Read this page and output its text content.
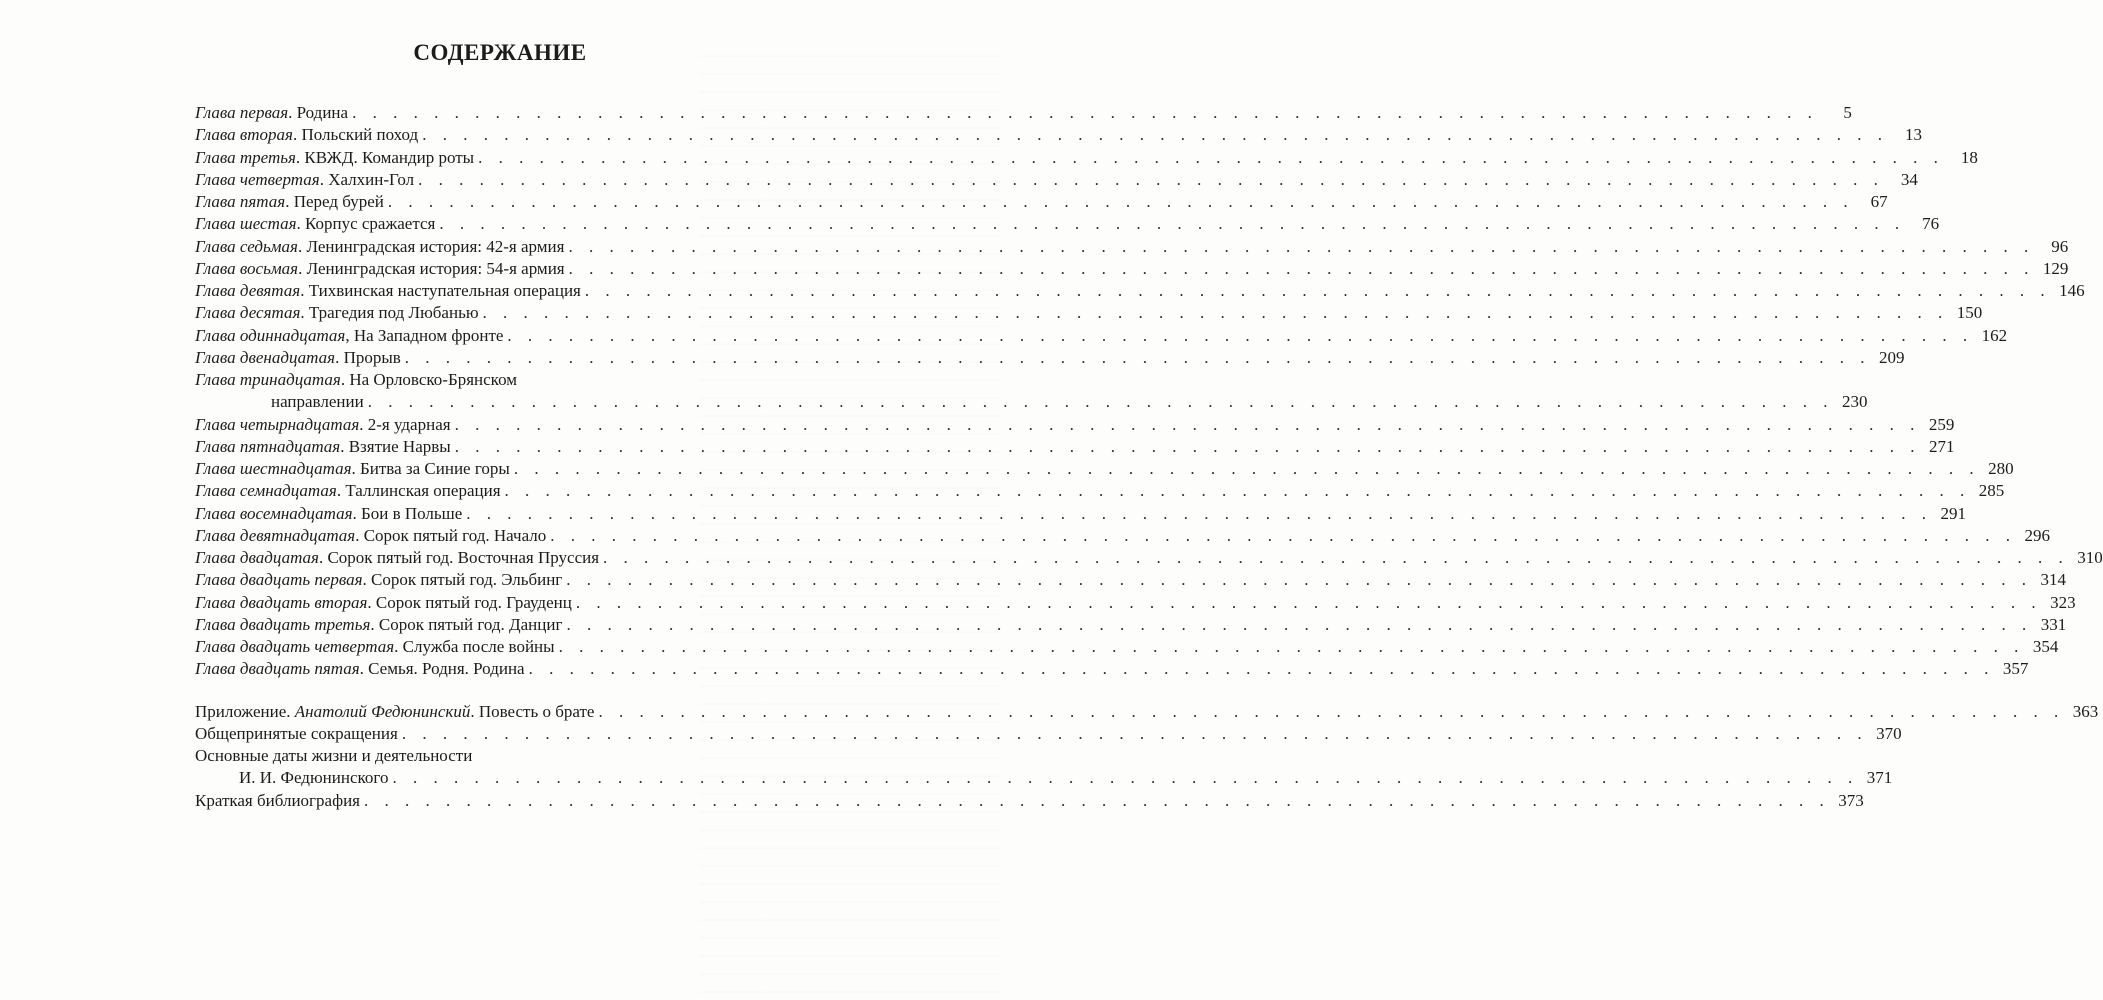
СОДЕРЖАНИЕ
Глава первая. Родина . . .	5
Глава вторая. Польский поход . . .	13
Глава третья. КВЖД. Командир роты . . .	18
Глава четвертая. Халхин-Гол . . .	34
Глава пятая. Перед бурей . . .	67
Глава шестая. Корпус сражается . . .	76
Глава седьмая. Ленинградская история: 42-я армия . . .	96
Глава восьмая. Ленинградская история: 54-я армия . . .	129
Глава девятая. Тихвинская наступательная операция . . .	146
Глава десятая. Трагедия под Любанью . . .	150
Глава одиннадцатая, На Западном фронте . . .	162
Глава двенадцатая. Прорыв . . .	209
Глава тринадцатая. На Орловско-Брянском
направлении . . .	230
Глава четырнадцатая. 2-я ударная . . .	259
Глава пятнадцатая. Взятие Нарвы . . .	271
Глава шестнадцатая. Битва за Синие горы . . .	280
Глава семнадцатая. Таллинская операция . . .	285
Глава восемнадцатая. Бои в Польше . . .	291
Глава девятнадцатая. Сорок пятый год. Начало . . .	296
Глава двадцатая. Сорок пятый год. Восточная Пруссия . . .	310
Глава двадцать первая. Сорок пятый год. Эльбинг . . .	314
Глава двадцать вторая. Сорок пятый год. Грауденц . . .	323
Глава двадцать третья. Сорок пятый год. Данциг . . .	331
Глава двадцать четвертая. Служба после войны . . .	354
Глава двадцать пятая. Семья. Родня. Родина . . .	357
Приложение. Анатолий Федюнинский. Повесть о брате . . .	363
Общепринятые сокращения . . .	370
Основные даты жизни и деятельности
И. И. Федюнинского . . .	371
Краткая библиография . . .	373
